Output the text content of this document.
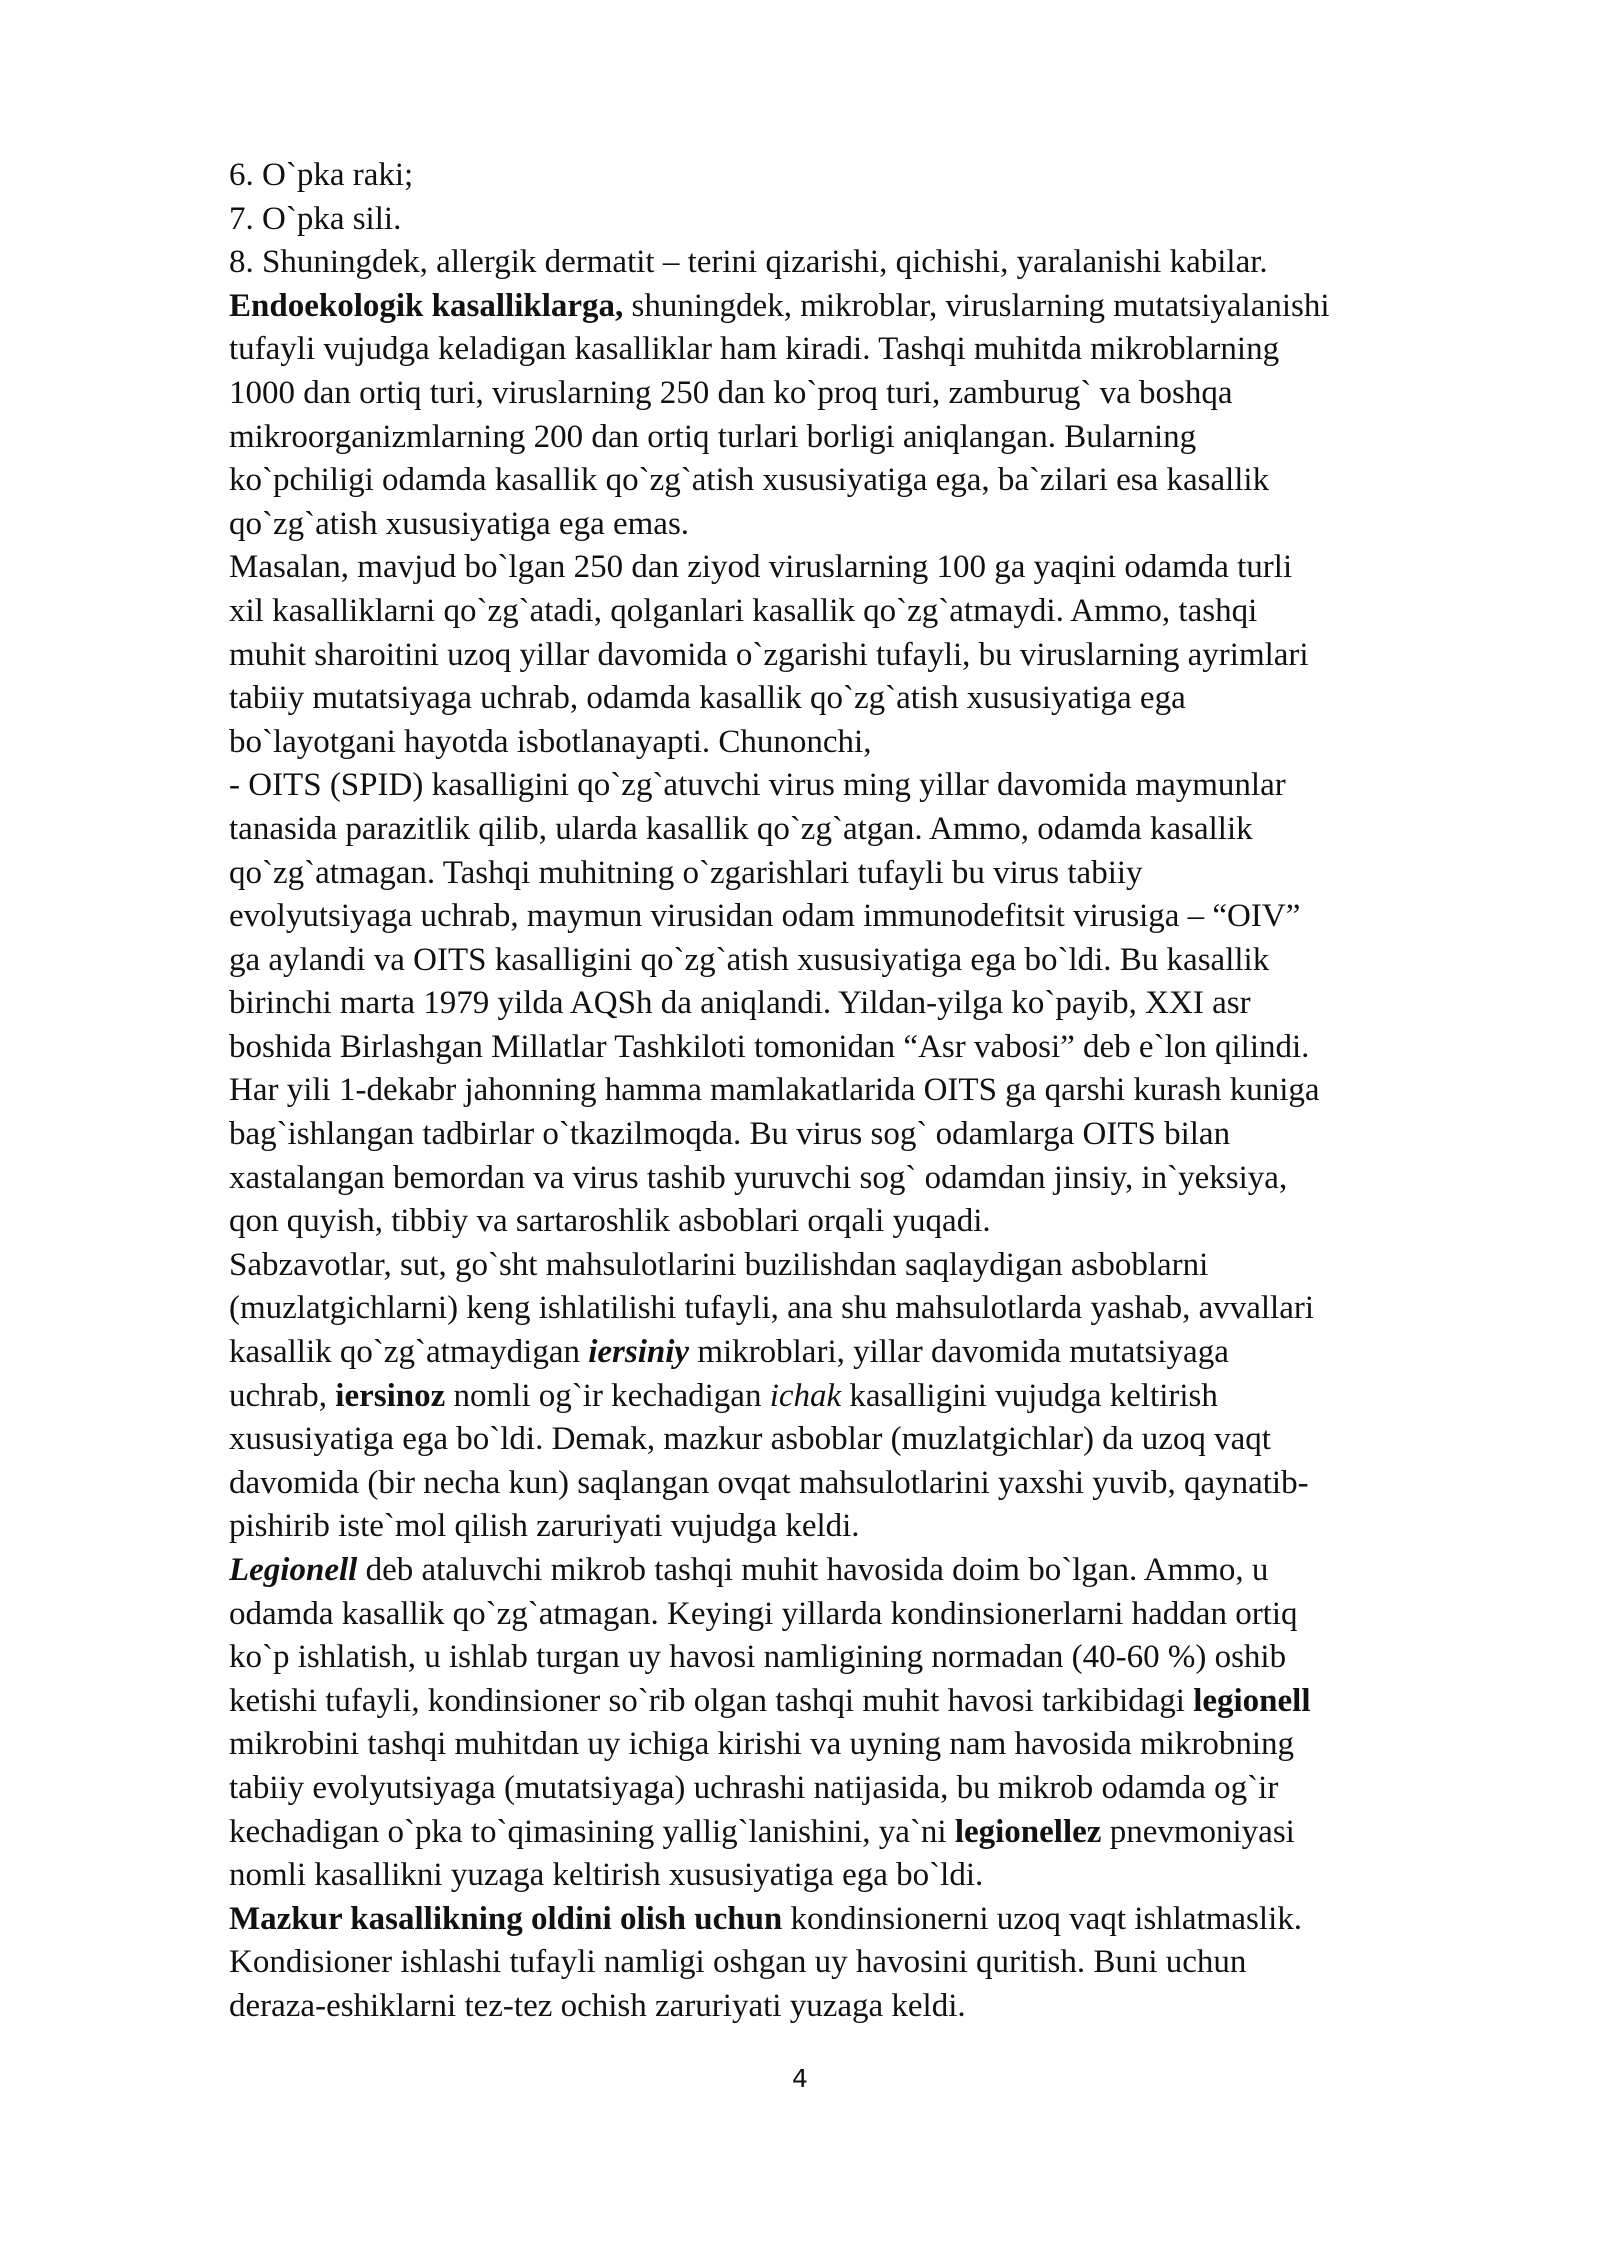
6. O`pka raki;
7. O`pka sili.
8. Shuningdek, allergik dermatit – terini qizarishi, qichishi, yaralanishi kabilar.
Endoekologik kasalliklarga, shuningdek, mikroblar, viruslarning mutatsiyalanishi
tufayli vujudga keladigan kasalliklar ham kiradi. Tashqi muhitda mikroblarning
1000 dan ortiq turi, viruslarning 250 dan ko`proq turi, zamburug` va boshqa
mikroorganizmlarning 200 dan ortiq turlari borligi aniqlangan. Bularning
ko`pchiligi odamda kasallik qo`zg`atish xususiyatiga ega, ba`zilari esa kasallik
qo`zg`atish xususiyatiga ega emas.
Masalan, mavjud bo`lgan 250 dan ziyod viruslarning 100 ga yaqini odamda turli
xil kasalliklarni qo`zg`atadi, qolganlari kasallik qo`zg`atmaydi. Ammo, tashqi
muhit sharoitini uzoq yillar davomida o`zgarishi tufayli, bu viruslarning ayrimlari
tabiiy mutatsiyaga uchrab, odamda kasallik qo`zg`atish xususiyatiga ega
bo`layotgani hayotda isbotlanayapti. Chunonchi,
- OITS (SPID) kasalligini qo`zg`atuvchi virus ming yillar davomida maymunlar
tanasida parazitlik qilib, ularda kasallik qo`zg`atgan. Ammo, odamda kasallik
qo`zg`atmagan. Tashqi muhitning o`zgarishlari tufayli bu virus tabiiy
evolyutsiyaga uchrab, maymun virusidan odam immunodefitsit virusiga – “OIV”
ga aylandi va OITS kasalligini qo`zg`atish xususiyatiga ega bo`ldi. Bu kasallik
birinchi marta 1979 yilda AQSh da aniqlandi. Yildan-yilga ko`payib, XXI asr
boshida Birlashgan Millatlar Tashkiloti tomonidan “Asr vabosi” deb e`lon qilindi.
Har yili 1-dekabr jahonning hamma mamlakatlarida OITS ga qarshi kurash kuniga
bag`ishlangan tadbirlar o`tkazilmoqda. Bu virus sog` odamlarga OITS bilan
xastalangan bemordan va virus tashib yuruvchi sog` odamdan jinsiy, in`yeksiya,
qon quyish, tibbiy va sartaroshlik asboblari orqali yuqadi.
Sabzavotlar, sut, go`sht mahsulotlarini buzilishdan saqlaydigan asboblarni
(muzlatgichlarni) keng ishlatilishi tufayli, ana shu mahsulotlarda yashab, avvallari
kasallik qo`zg`atmaydigan iersiniy mikroblari, yillar davomida mutatsiyaga
uchrab, iersinoz nomli og`ir kechadigan ichak kasalligini vujudga keltirish
xususiyatiga ega bo`ldi. Demak, mazkur asboblar (muzlatgichlar) da uzoq vaqt
davomida (bir necha kun) saqlangan ovqat mahsulotlarini yaxshi yuvib, qaynatib-
pishirib iste`mol qilish zaruriyati vujudga keldi.
Legionell deb ataluvchi mikrob tashqi muhit havosida doim bo`lgan. Ammo, u
odamda kasallik qo`zg`atmagan. Keyingi yillarda kondinsionerlarni haddan ortiq
ko`p ishlatish, u ishlab turgan uy havosi namligining normadan (40-60 %) oshib
ketishi tufayli, kondinsioner so`rib olgan tashqi muhit havosi tarkibidagi legionell
mikrobini tashqi muhitdan uy ichiga kirishi va uyning nam havosida mikrobning
tabiiy evolyutsiyaga (mutatsiyaga) uchrashi natijasida, bu mikrob odamda og`ir
kechadigan o`pka to`qimasining yallig`lanishini, ya`ni legionellez pnevmoniyasi
nomli kasallikni yuzaga keltirish xususiyatiga ega bo`ldi.
Mazkur kasallikning oldini olish uchun kondinsionerni uzoq vaqt ishlatmaslik.
Kondisioner ishlashi tufayli namligi oshgan uy havosini quritish. Buni uchun
deraza-eshiklarni tez-tez ochish zaruriyati yuzaga keldi.
4
